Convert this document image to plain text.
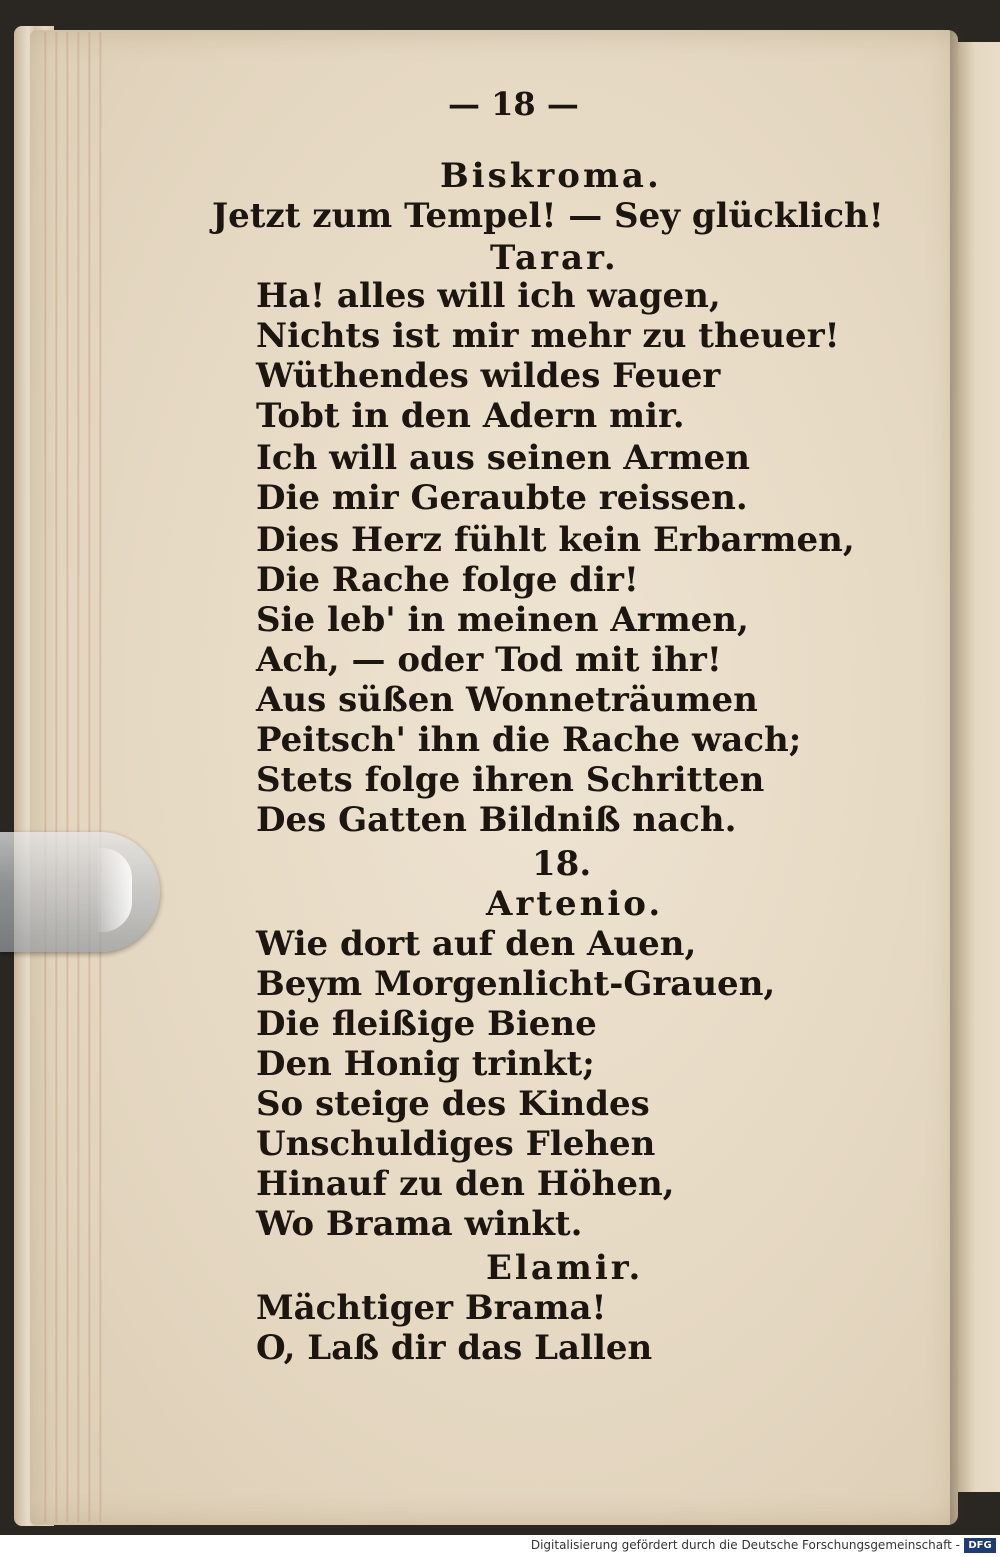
— 18 —
Biskroma.
Jetzt zum Tempel! — Sey glücklich!
Tarar.
Ha! alles will ich wagen,
Nichts ist mir mehr zu theuer!
Wüthendes wildes Feuer
Tobt in den Adern mir.
Ich will aus seinen Armen
Die mir Geraubte reissen.
Dies Herz fühlt kein Erbarmen,
Die Rache folge dir!
Sie leb' in meinen Armen,
Ach, — oder Tod mit ihr!
Aus süßen Wonneträumen
Peitsch' ihn die Rache wach;
Stets folge ihren Schritten
Des Gatten Bildniß nach.
18.
Artenio.
Wie dort auf den Auen,
Beym Morgenlicht-Grauen,
Die fleißige Biene
Den Honig trinkt;
So steige des Kindes
Unschuldiges Flehen
Hinauf zu den Höhen,
Wo Brama winkt.
Elamir.
Mächtiger Brama!
O, Laß dir das Lallen
Digitalisierung gefördert durch die Deutsche Forschungsgemeinschaft - DFG
